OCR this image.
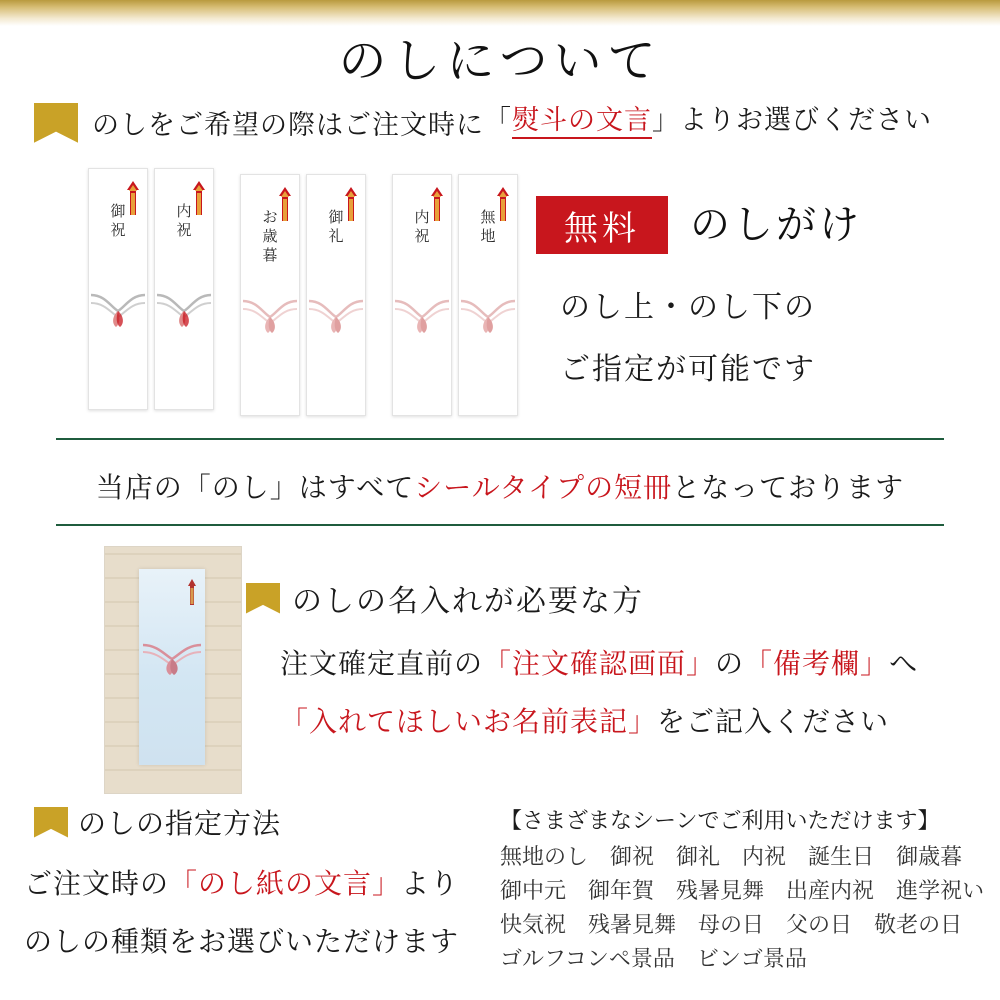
のしについて
のしをご希望の際はご注文時に「熨斗の文言」よりお選びください
御
祝
内
祝
お
歳
暮
御
礼
内
祝
無
地	無料	のしがけ
のし上・のし下の
ご指定が可能です
当店の「のし」はすべてシールタイプの短冊となっております
のしの名入れが必要な方
注文確定直前の「注文確認画面」の「備考欄」へ
「入れてほしいお名前表記」をご記入ください
のしの指定方法
ご注文時の「のし紙の文言」より
のしの種類をお選びいただけます
【さまざまなシーンでご利用いただけます】
無地のし 御祝 御礼 内祝 誕生日 御歳暮
御中元 御年賀 残暑見舞 出産内祝 進学祝い
快気祝 残暑見舞 母の日 父の日 敬老の日
ゴルフコンペ景品 ビンゴ景品
